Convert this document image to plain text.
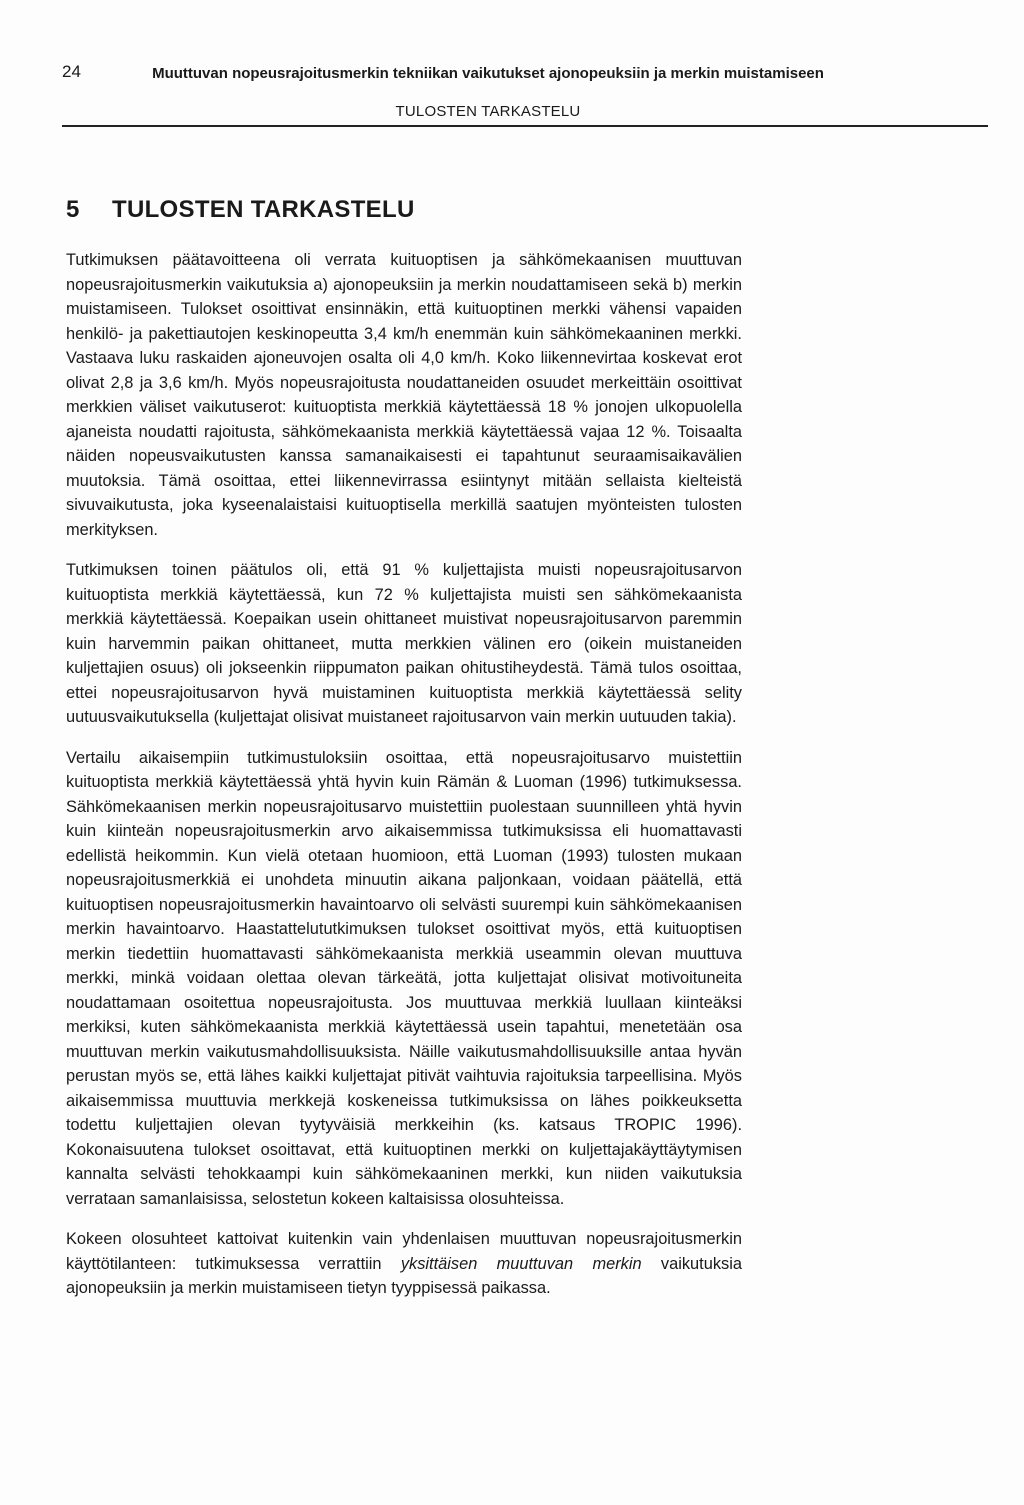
24	Muuttuvan nopeusrajoitusmerkin tekniikan vaikutukset ajonopeuksiin ja merkin muistamiseen
TULOSTEN TARKASTELU
5 TULOSTEN TARKASTELU

Tutkimuksen päätavoitteena oli verrata kuituoptisen ja sähkömekaanisen muuttuvan nopeusrajoitusmerkin vaikutuksia a) ajonopeuksiin ja merkin noudattamiseen sekä b) merkin muistamiseen. Tulokset osoittivat ensinnäkin, että kuituoptinen merkki vähensi vapaiden henkilö- ja pakettiautojen keskinopeutta 3,4 km/h enemmän kuin sähkömekaaninen merkki. Vastaava luku raskaiden ajoneuvojen osalta oli 4,0 km/h. Koko liikennevirtaa koskevat erot olivat 2,8 ja 3,6 km/h. Myös nopeusrajoitusta noudattaneiden osuudet merkeittäin osoittivat merkkien väliset vaikutuserot: kuituoptista merkkiä käytettäessä 18 % jonojen ulkopuolella ajaneista noudatti rajoitusta, sähkömekaanista merkkiä käytettäessä vajaa 12 %. Toisaalta näiden nopeusvaikutusten kanssa samanaikaisesti ei tapahtunut seuraamisaikavälien muutoksia. Tämä osoittaa, ettei liikennevirrassa esiintynyt mitään sellaista kielteistä sivuvaikutusta, joka kyseenalaistaisi kuituoptisella merkillä saatujen myönteisten tulosten merkityksen.

Tutkimuksen toinen päätulos oli, että 91 % kuljettajista muisti nopeusrajoitusarvon kuituoptista merkkiä käytettäessä, kun 72 % kuljettajista muisti sen sähkömekaanista merkkiä käytettäessä. Koepaikan usein ohittaneet muistivat nopeusrajoitusarvon paremmin kuin harvemmin paikan ohittaneet, mutta merkkien välinen ero (oikein muistaneiden kuljettajien osuus) oli jokseenkin riippumaton paikan ohitustiheydestä. Tämä tulos osoittaa, ettei nopeusrajoitusarvon hyvä muistaminen kuituoptista merkkiä käytettäessä selity uutuusvaikutuksella (kuljettajat olisivat muistaneet rajoitusarvon vain merkin uutuuden takia).

Vertailu aikaisempiin tutkimustuloksiin osoittaa, että nopeusrajoitusarvo muistettiin kuituoptista merkkiä käytettäessä yhtä hyvin kuin Rämän & Luoman (1996) tutkimuksessa. Sähkömekaanisen merkin nopeusrajoitusarvo muistettiin puolestaan suunnilleen yhtä hyvin kuin kiinteän nopeusrajoitusmerkin arvo aikaisemmissa tutkimuksissa eli huomattavasti edellistä heikommin. Kun vielä otetaan huomioon, että Luoman (1993) tulosten mukaan nopeusrajoitusmerkkiä ei unohdeta minuutin aikana paljonkaan, voidaan päätellä, että kuituoptisen nopeusrajoitusmerkin havaintoarvo oli selvästi suurempi kuin sähkömekaanisen merkin havaintoarvo. Haastattelututkimuksen tulokset osoittivat myös, että kuituoptisen merkin tiedettiin huomattavasti sähkömekaanista merkkiä useammin olevan muuttuva merkki, minkä voidaan olettaa olevan tärkeätä, jotta kuljettajat olisivat motivoituneita noudattamaan osoitettua nopeusrajoitusta. Jos muuttuvaa merkkiä luullaan kiinteäksi merkiksi, kuten sähkömekaanista merkkiä käytettäessä usein tapahtui, menetetään osa muuttuvan merkin vaikutusmahdollisuuksista. Näille vaikutusmahdollisuuksille antaa hyvän perustan myös se, että lähes kaikki kuljettajat pitivät vaihtuvia rajoituksia tarpeellisina. Myös aikaisemmissa muuttuvia merkkejä koskeneissa tutkimuksissa on lähes poikkeuksetta todettu kuljettajien olevan tyytyväisiä merkkeihin (ks. katsaus TROPIC 1996). Kokonaisuutena tulokset osoittavat, että kuituoptinen merkki on kuljettajakäyttäytymisen kannalta selvästi tehokkaampi kuin sähkömekaaninen merkki, kun niiden vaikutuksia verrataan samanlaisissa, selostetun kokeen kaltaisissa olosuhteissa.

Kokeen olosuhteet kattoivat kuitenkin vain yhdenlaisen muuttuvan nopeusrajoitusmerkin käyttötilanteen: tutkimuksessa verrattiin yksittäisen muuttuvan merkin vaikutuksia ajonopeuksiin ja merkin muistamiseen tietyn tyyppisessä paikassa.
